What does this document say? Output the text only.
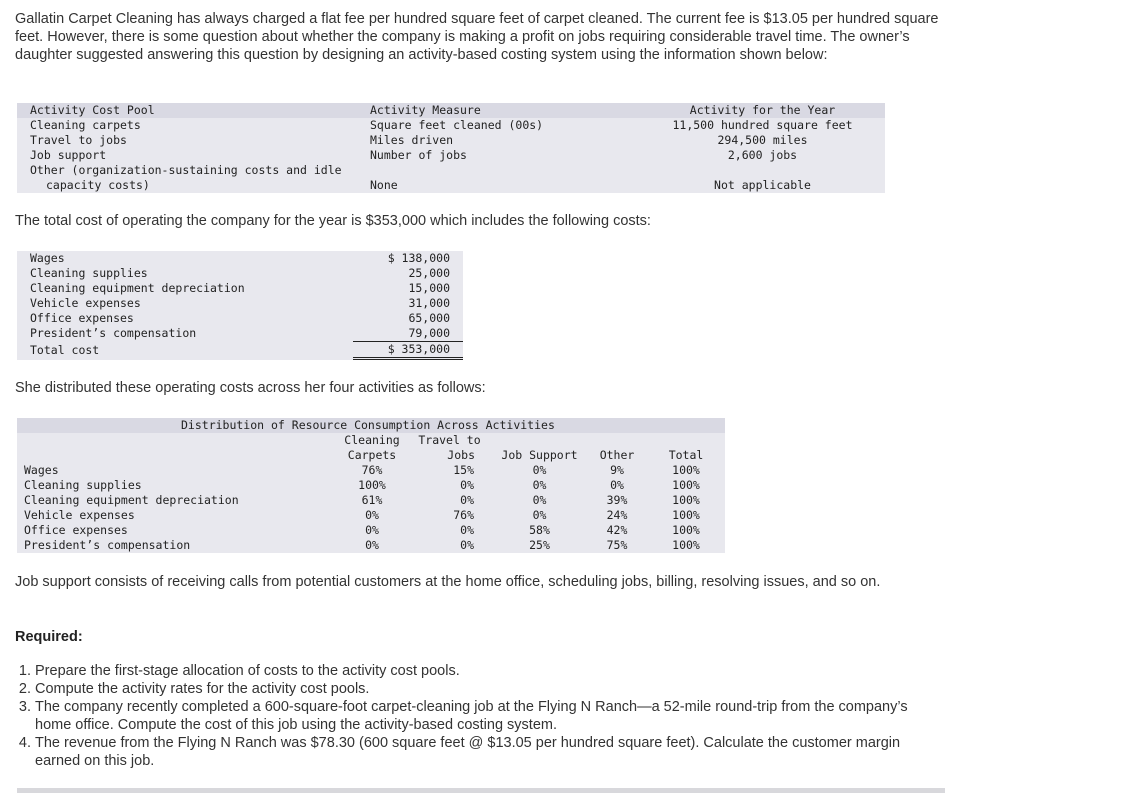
Gallatin Carpet Cleaning has always charged a flat fee per hundred square feet of carpet cleaned. The current fee is $13.05 per hundred square feet. However, there is some question about whether the company is making a profit on jobs requiring considerable travel time. The owner’s daughter suggested answering this question by designing an activity-based costing system using the information shown below:
Activity Cost Pool	Activity Measure	Activity for the Year
Cleaning carpets	Square feet cleaned (00s)	11,500 hundred square feet
Travel to jobs	Miles driven	294,500 miles
Job support	Number of jobs	2,600 jobs
Other (organization-sustaining costs and idle		
capacity costs)	None	Not applicable
The total cost of operating the company for the year is $353,000 which includes the following costs:
Wages	$ 138,000
Cleaning supplies	25,000
Cleaning equipment depreciation	15,000
Vehicle expenses	31,000
Office expenses	65,000
President’s compensation	79,000
Total cost	$ 353,000
She distributed these operating costs across her four activities as follows:
Distribution of Resource Consumption Across Activities					
	Cleaning	Travel to			
	Carpets	Jobs	Job Support	Other	Total
Wages	76%	15%	0%	9%	100%
Cleaning supplies	100%	0%	0%	0%	100%
Cleaning equipment depreciation	61%	0%	0%	39%	100%
Vehicle expenses	0%	76%	0%	24%	100%
Office expenses	0%	0%	58%	42%	100%
President’s compensation	0%	0%	25%	75%	100%
Job support consists of receiving calls from potential customers at the home office, scheduling jobs, billing, resolving issues, and so on.
Required:
1. Prepare the first-stage allocation of costs to the activity cost pools.
2. Compute the activity rates for the activity cost pools.
3. The company recently completed a 600-square-foot carpet-cleaning job at the Flying N Ranch—a 52-mile round-trip from the company’s home office. Compute the cost of this job using the activity-based costing system.
4. The revenue from the Flying N Ranch was $78.30 (600 square feet @ $13.05 per hundred square feet). Calculate the customer margin earned on this job.
